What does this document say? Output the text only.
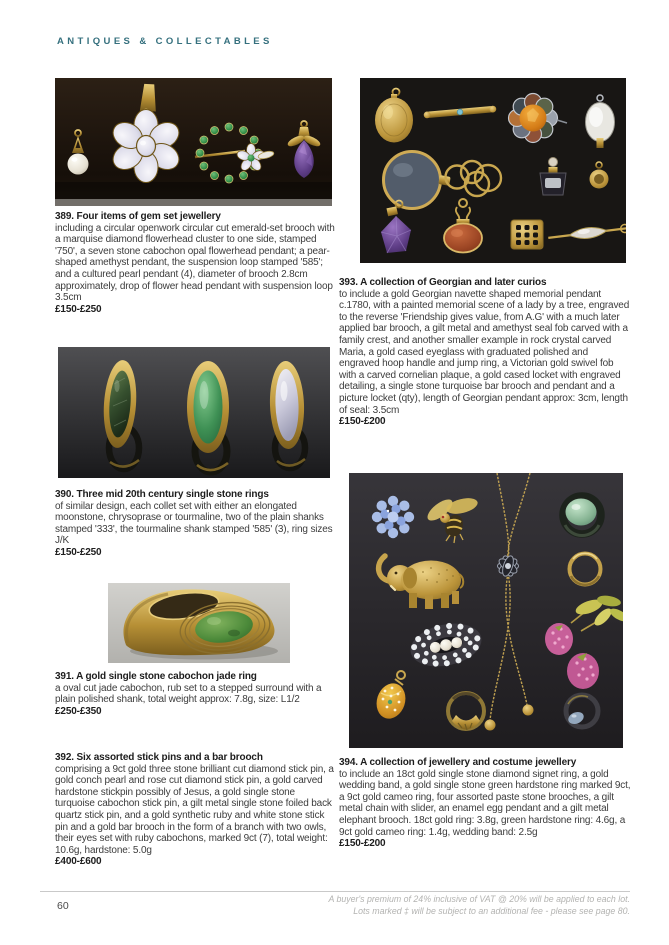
ANTIQUES & COLLECTABLES

389. Four items of gem set jewellery

including a circular openwork circular cut emerald-set brooch with a marquise diamond flowerhead cluster to one side, stamped '750', a seven stone cabochon opal flowerhead pendant; a pear-shaped amethyst pendant, the suspension loop stamped '585'; and a cultured pearl pendant (4), diameter of brooch 2.8cm approximately, drop of flower head pendant with suspension loop 3.5cm

£150-£250

390. Three mid 20th century single stone rings

of similar design, each collet set with either an elongated moonstone, chrysoprase or tourmaline, two of the plain shanks stamped '333', the tourmaline shank stamped '585' (3), ring sizes J/K

£150-£250

391. A gold single stone cabochon jade ring

a oval cut jade cabochon, rub set to a stepped surround with a plain polished shank, total weight approx: 7.8g, size: L1/2

£250-£350

392. Six assorted stick pins and a bar brooch

comprising a 9ct gold three stone brilliant cut diamond stick pin, a gold conch pearl and rose cut diamond stick pin, a gold carved hardstone stickpin possibly of Jesus, a gold single stone turquoise cabochon stick pin, a gilt metal single stone foiled back quartz stick pin, and a gold synthetic ruby and white stone stick pin and a gold bar brooch in the form of a branch with two owls, their eyes set with ruby cabochons, marked 9ct (7), total weight: 10.6g, hardstone: 5.0g

£400-£600

393. A collection of Georgian and later curios

to include a gold Georgian navette shaped memorial pendant c.1780, with a painted memorial scene of a lady by a tree, engraved to the reverse 'Friendship gives value, from A.G' with a much later applied bar brooch, a gilt metal and amethyst seal fob carved with a family crest, and another smaller example in rock crystal carved Maria, a gold cased eyeglass with graduated polished and engraved hoop handle and jump ring, a Victorian gold swivel fob with a carved cornelian plaque, a gold cased locket with engraved detailing, a single stone turquoise bar brooch and pendant and a picture locket (qty), length of Georgian pendant approx: 3cm, length of seal: 3.5cm

£150-£200

394. A collection of jewellery and costume jewellery

to include an 18ct gold single stone diamond signet ring, a gold wedding band, a gold single stone green hardstone ring marked 9ct, a 9ct gold cameo ring, four assorted paste stone brooches, a gilt metal chain with slider, an enamel egg pendant and a gilt metal elephant brooch. 18ct gold ring: 3.8g, green hardstone ring: 4.6g, a 9ct gold cameo ring: 1.4g, wedding band: 2.5g

£150-£200

60
A buyer's premium of 24% inclusive of VAT @ 20% will be applied to each lot.
Lots marked ‡ will be subject to an additional fee - please see page 80.
